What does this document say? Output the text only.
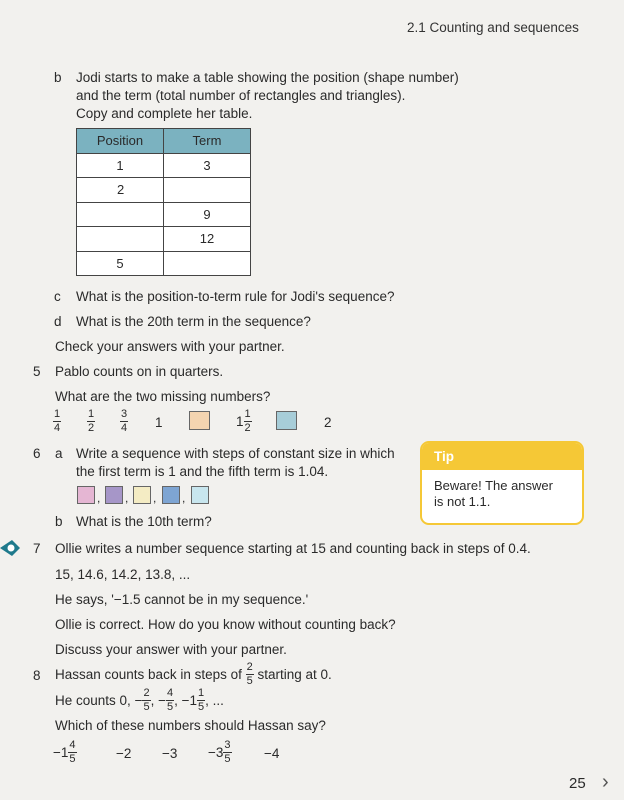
2.1 Counting and sequences
b Jodi starts to make a table showing the position (shape number)
and the term (total number of rectangles and triangles).
Copy and complete her table.
Position	Term
1	3
2	
	9
	12
5	
c What is the position-to-term rule for Jodi's sequence?
d What is the 20th term in the sequence?
Check your answers with your partner.
5 Pablo counts on in quarters.
What are the two missing numbers?
$\frac{1}{4} \frac{1}{2} \frac{3}{4} 1$	$1 \frac{1}{2}$	2
6 a Write a sequence with steps of constant size in which
the first term is 1 and the fifth term is 1.04.
, , , ,
b What is the 10th term?
Tip
Beware! The answer
is not 1.1.
7 Ollie writes a number sequence starting at 15 and counting back in steps of 0.4.
15, 14.6, 14.2, 13.8, ...
He says, '−1.5 cannot be in my sequence.'
Ollie is correct. How do you know without counting back?
Discuss your answer with your partner.
8 Hassan counts back in steps of $\frac{2}{5}$ starting at 0.
He counts 0, − $\frac{2}{5}$ , − $\frac{4}{5}$ , $-1 \frac{1}{5}$ , ...
Which of these numbers should Hassan say?
$-1 \frac{4}{5}$	$-2 -3 -3 \frac{3}{5} -4$
25 ›
